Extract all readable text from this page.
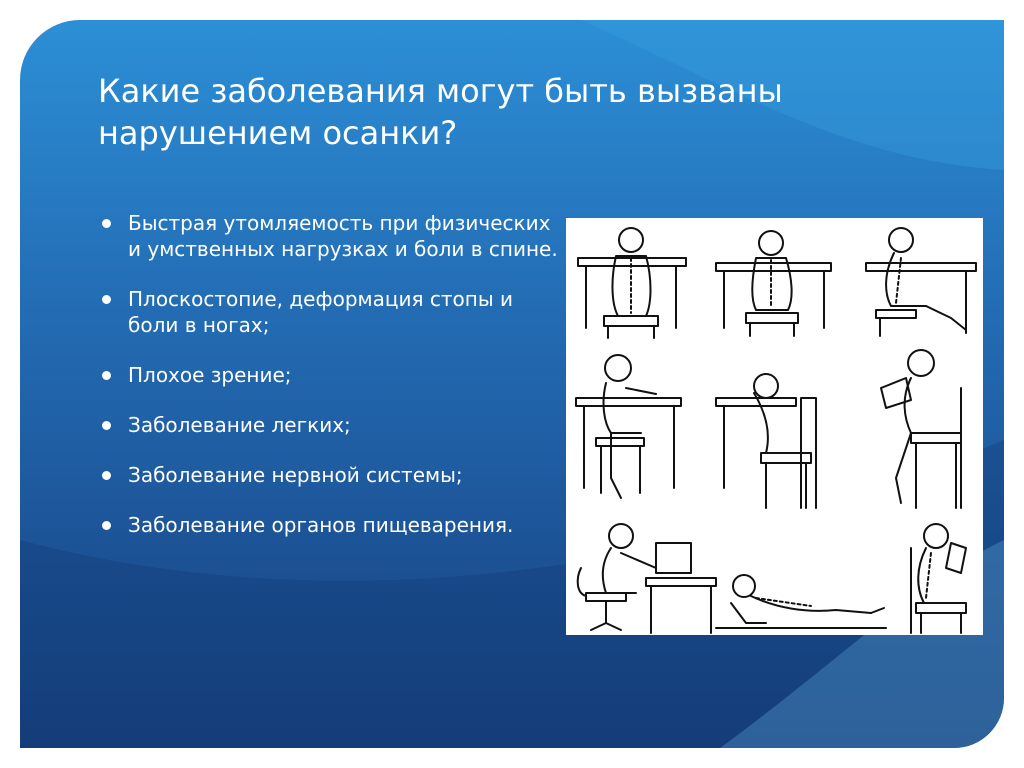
Какие заболевания могут быть вызваны нарушением осанки?
Быстрая утомляемость при физических и умственных нагрузках и боли в спине.
Плоскостопие, деформация стопы и боли в ногах;
Плохое зрение;
Заболевание легких;
Заболевание нервной системы;
Заболевание органов пищеварения.
